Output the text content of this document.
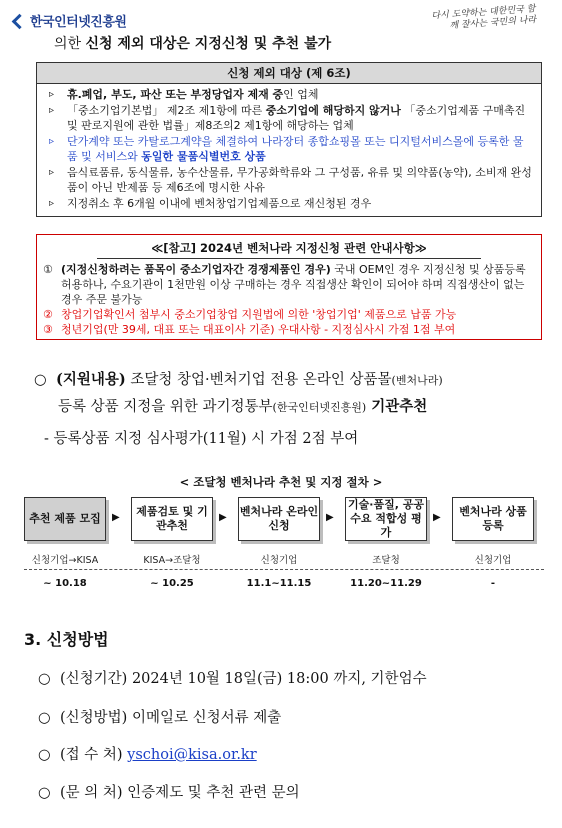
한국인터넷진흥원
다시 도약하는 대한민국 함께 잘사는 국민의 나라
의한 신청 제외 대상은 지정신청 및 추천 불가
신청 제외 대상 (제 6조)
▹ 휴.폐업, 부도, 파산 또는 부정당업자 제재 중인 업체
▹ 「중소기업기본법」 제2조 제1항에 따른 중소기업에 해당하지 않거나 「중소기업제품 구매촉진 및 판로지원에 관한 법률」제8조의2 제1항에 해당하는 업체
▹ 단가계약 또는 카탈로그계약을 체결하여 나라장터 종합쇼핑몰 또는 디지털서비스몰에 등록한 물품 및 서비스와 동일한 물품식별번호 상품
▹ 음식료품류, 동식물류, 농수산물류, 무가공화학류와 그 구성품, 유류 및 의약품(농약), 소비재 완성품이 아닌 반제품 등 제6조에 명시한 사유
▹ 지정취소 후 6개월 이내에 벤처창업기업제품으로 재신청된 경우
≪[참고] 2024년 벤처나라 지정신청 관련 안내사항≫
① (지정신청하려는 품목이 중소기업자간 경쟁제품인 경우) 국내 OEM인 경우 지정신청 및 상품등록 허용하나, 수요기관이 1천만원 이상 구매하는 경우 직접생산 확인이 되어야 하며 직접생산이 없는 경우 주문 불가능
② 창업기업확인서 첨부시 중소기업창업 지원법에 의한 '창업기업' 제품으로 납품 가능
③ 청년기업(만 39세, 대표 또는 대표이사 기준) 우대사항 - 지정심사시 가점 1점 부여
○ (지원내용) 조달청 창업·벤처기업 전용 온라인 상품몰(벤처나라)
등록 상품 지정을 위한 과기정통부(한국인터넷진흥원) 기관추천
- 등록상품 지정 심사평가(11월) 시 가점 2점 부여
< 조달청 벤처나라 추천 및 지정 절차 >
추천 제품 모집	▶	제품검토 및 기관추천
▶ 벤처나라 온라인 신청
▶
기술·품질, 공공수요 적합성 평가
▶	벤처나라 상품 등록
신청기업→KISA	KISA→조달청	신청기업	조달청	신청기업
~ 10.18	~ 10.25	11.1~11.15	11.20~11.29	-
3. 신청방법
○ (신청기간) 2024년 10월 18일(금) 18:00 까지, 기한엄수
○ (신청방법) 이메일로 신청서류 제출
○ (접 수 처) yschoi@kisa.or.kr
○ (문 의 처) 인증제도 및 추천 관련 문의
